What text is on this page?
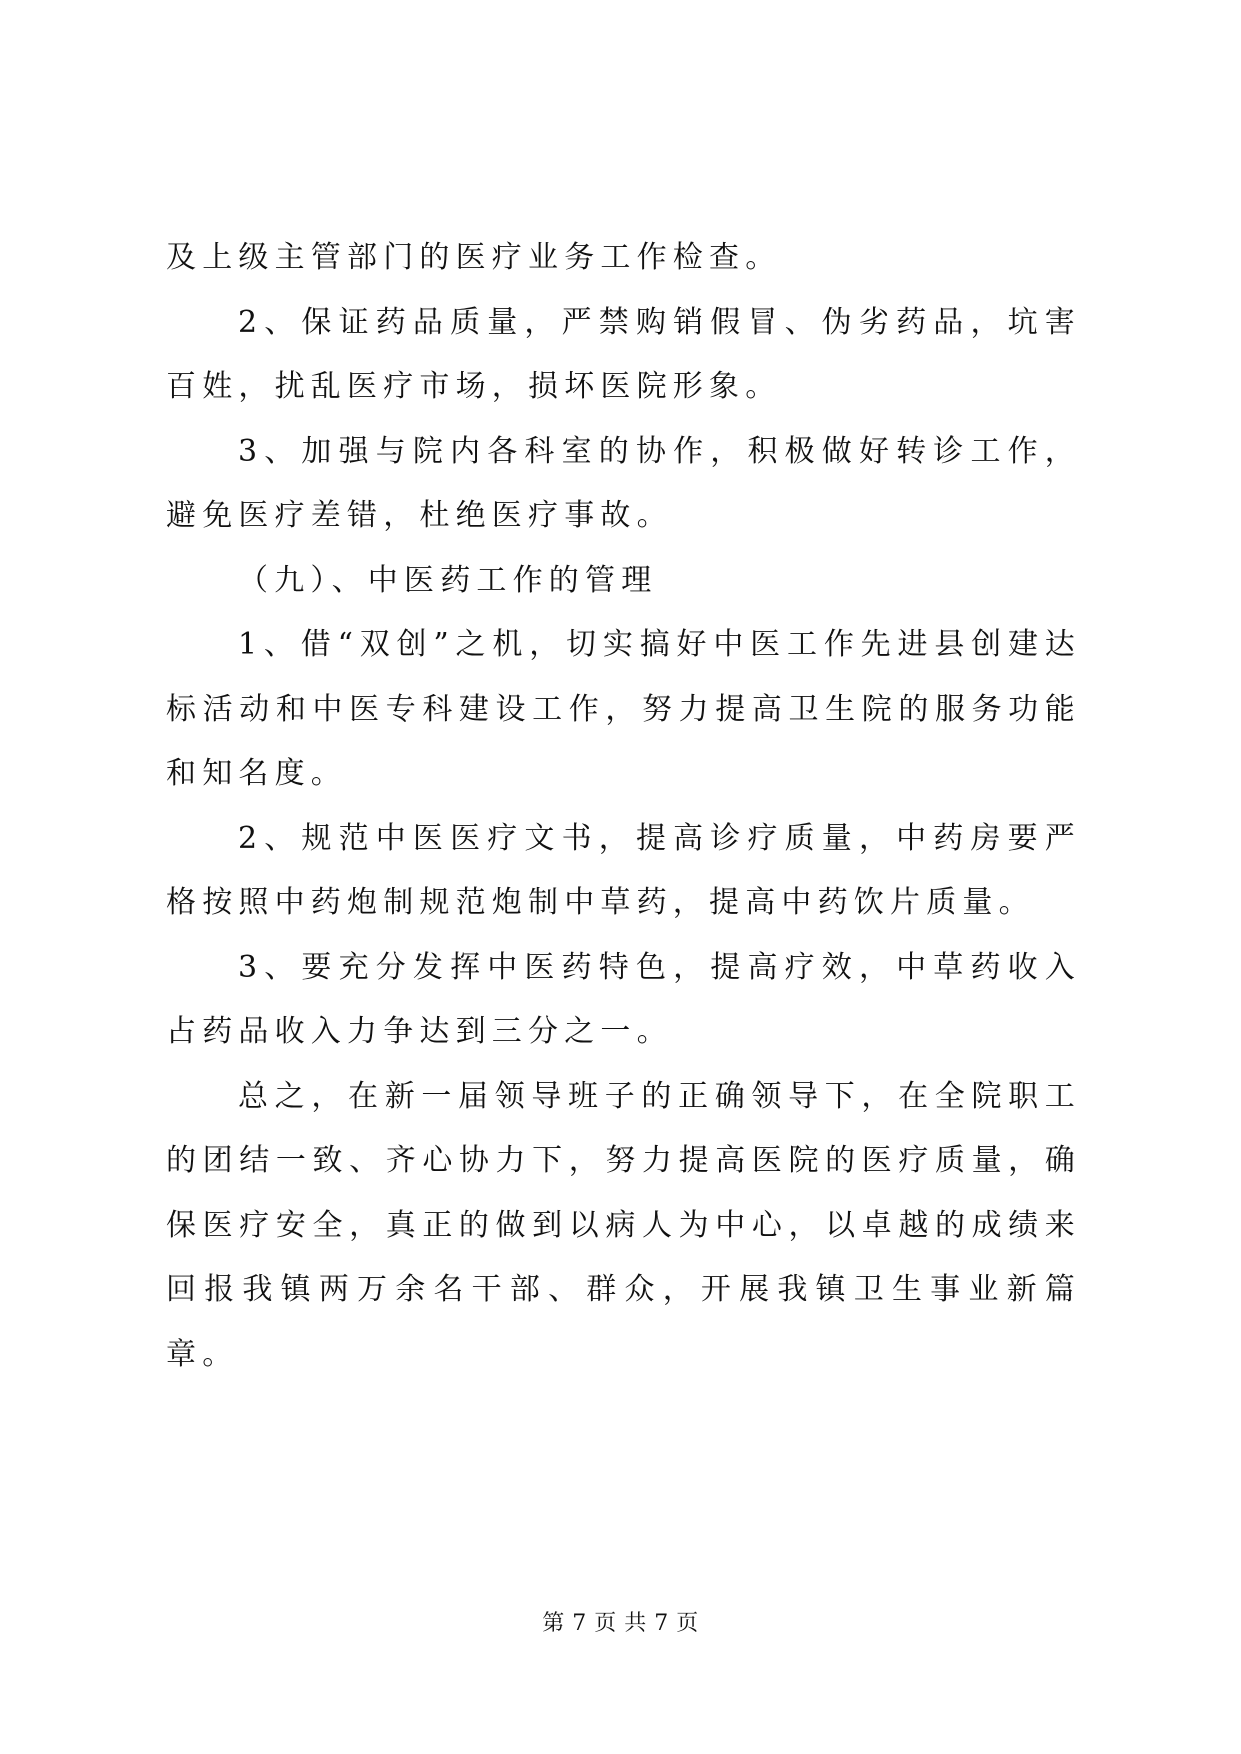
及上级主管部门的医疗业务工作检查。

2、保证药品质量，严禁购销假冒、伪劣药品，坑害百姓，扰乱医疗市场，损坏医院形象。

3、加强与院内各科室的协作，积极做好转诊工作，避免医疗差错，杜绝医疗事故。

（九）、中医药工作的管理

1、借“双创”之机，切实搞好中医工作先进县创建达标活动和中医专科建设工作，努力提高卫生院的服务功能和知名度。

2、规范中医医疗文书，提高诊疗质量，中药房要严格按照中药炮制规范炮制中草药，提高中药饮片质量。

3、要充分发挥中医药特色，提高疗效，中草药收入占药品收入力争达到三分之一。

总之，在新一届领导班子的正确领导下，在全院职工的团结一致、齐心协力下，努力提高医院的医疗质量，确保医疗安全，真正的做到以病人为中心，以卓越的成绩来回报我镇两万余名干部、群众，开展我镇卫生事业新篇章。

第 7 页 共 7 页
